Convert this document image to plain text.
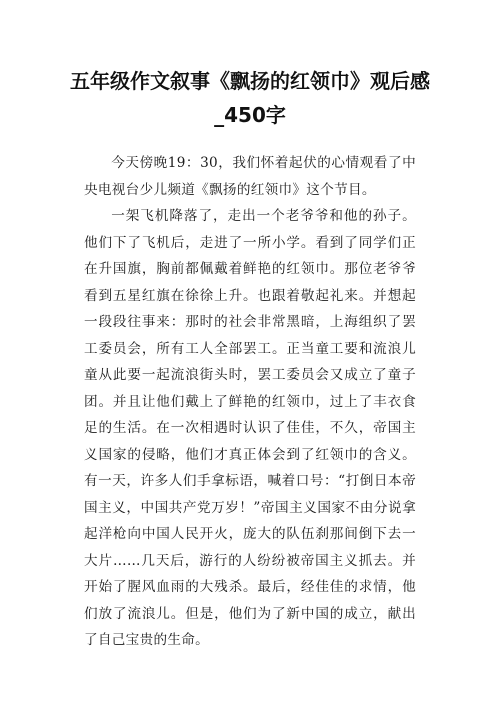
五年级作文叙事《飘扬的红领巾》观后感_450字

今天傍晚19：30，我们怀着起伏的心情观看了中央电视台少儿频道《飘扬的红领巾》这个节目。

一架飞机降落了，走出一个老爷爷和他的孙子。他们下了飞机后，走进了一所小学。看到了同学们正在升国旗，胸前都佩戴着鲜艳的红领巾。那位老爷爷看到五星红旗在徐徐上升。也跟着敬起礼来。并想起一段段往事来：那时的社会非常黑暗，上海组织了罢工委员会，所有工人全部罢工。正当童工要和流浪儿童从此要一起流浪街头时，罢工委员会又成立了童子团。并且让他们戴上了鲜艳的红领巾，过上了丰衣食足的生活。在一次相遇时认识了佳佳，不久，帝国主义国家的侵略，他们才真正体会到了红领巾的含义。有一天，许多人们手拿标语，喊着口号：“打倒日本帝国主义，中国共产党万岁！”帝国主义国家不由分说拿起洋枪向中国人民开火，庞大的队伍刹那间倒下去一大片……几天后，游行的人纷纷被帝国主义抓去。并开始了腥风血雨的大残杀。最后，经佳佳的求情，他们放了流浪儿。但是，他们为了新中国的成立，献出了自己宝贵的生命。
